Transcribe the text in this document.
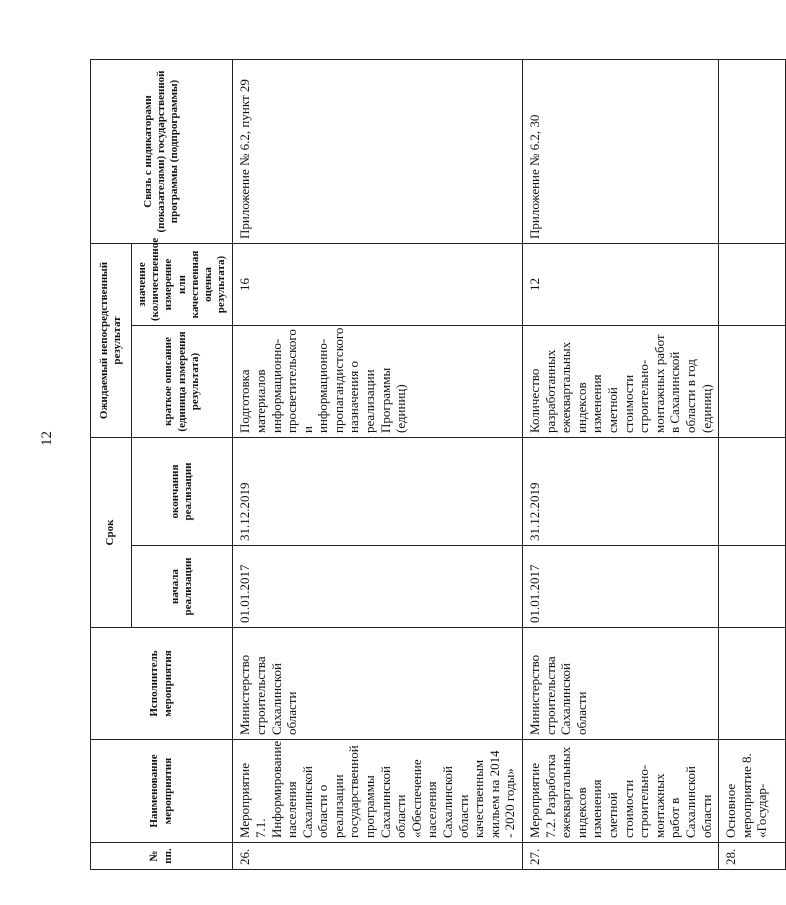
12
№ пп.	Наименование мероприятия	Исполнитель мероприятия	Срок		Ожидаемый непосредственный результат		Связь с индикаторами (показателями) государственной программы (подпрограммы)
			начала реализации	окончания реализации	краткое описание (единица измерения результата)	значение (количественное измерение или качественная оценка результата)	
26.	Мероприятие 7.1. Информирование населения Сахалинской области о реализации государственной программы Сахалинской области «Обеспечение населения Сахалинской области качественным жильем на 2014 - 2020 годы»	Министерство строительства Сахалинской области	01.01.2017	31.12.2019	Подготовка материалов информационно-просветительского и информационно-пропагандистского назначения о реализации Программы (единиц)	16	Приложение № 6.2, пункт 29
27.	Мероприятие 7.2. Разработка ежеквартальных индексов изменения сметной стоимости строительно-монтажных работ в Сахалинской области	Министерство строительства Сахалинской области	01.01.2017	31.12.2019	Количество разработанных ежеквартальных индексов изменения сметной стоимости строительно-монтажных работ в Сахалинской области в год (единиц)	12	Приложение № 6.2, 30
28.	Основное мероприятие 8. «Государ-						
